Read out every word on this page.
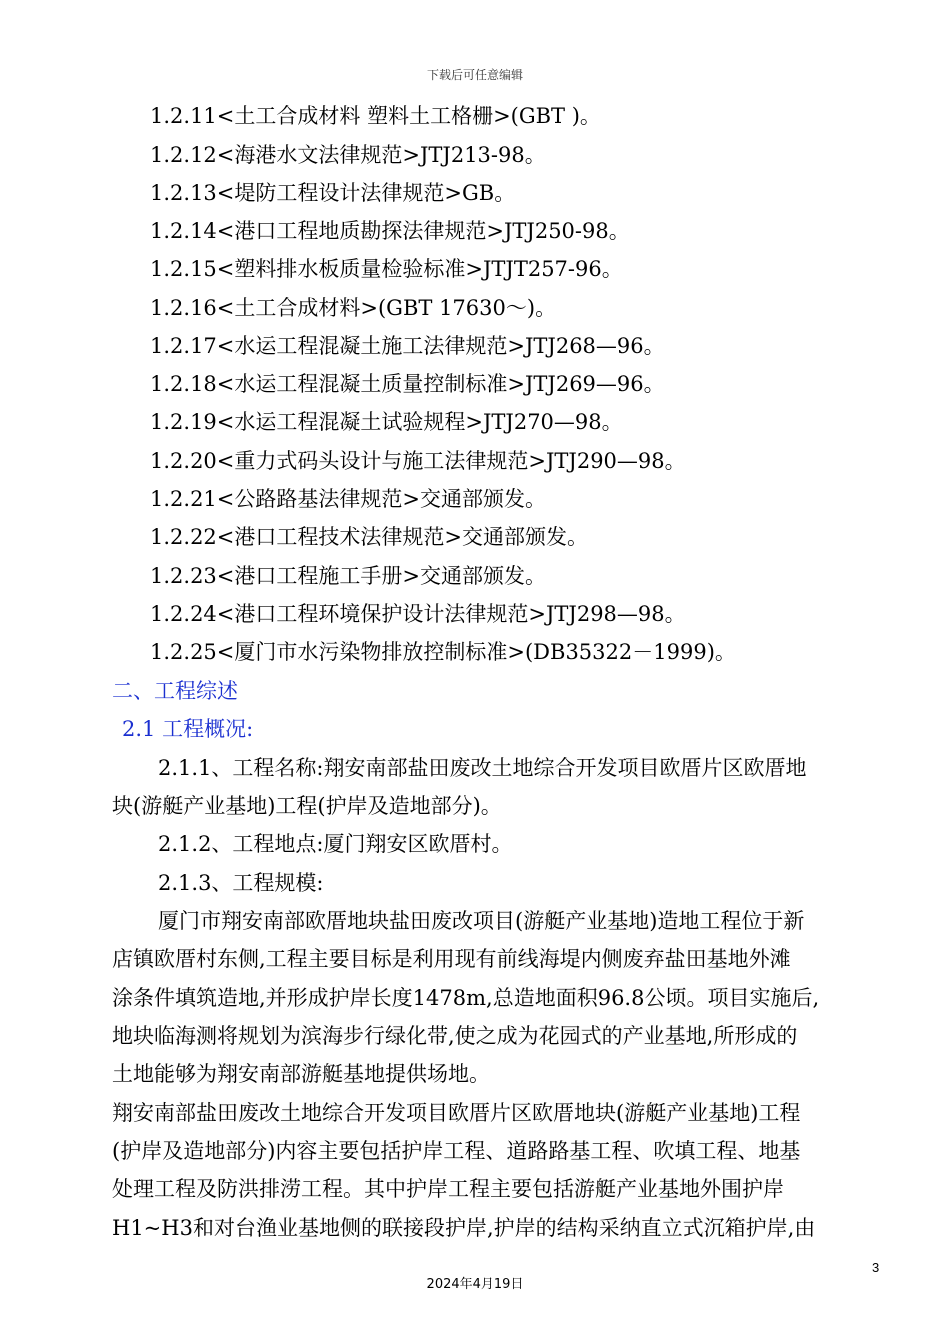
下载后可任意编辑
1.2.11<土工合成材料 塑料土工格栅>(GBT )。
1.2.12<海港水文法律规范>JTJ213-98。
1.2.13<堤防工程设计法律规范>GB。
1.2.14<港口工程地质勘探法律规范>JTJ250-98。
1.2.15<塑料排水板质量检验标准>JTJT257-96。
1.2.16<土工合成材料>(GBT 17630～)。
1.2.17<水运工程混凝土施工法律规范>JTJ268—96。
1.2.18<水运工程混凝土质量控制标准>JTJ269—96。
1.2.19<水运工程混凝土试验规程>JTJ270—98。
1.2.20<重力式码头设计与施工法律规范>JTJ290—98。
1.2.21<公路路基法律规范>交通部颁发。
1.2.22<港口工程技术法律规范>交通部颁发。
1.2.23<港口工程施工手册>交通部颁发。
1.2.24<港口工程环境保护设计法律规范>JTJ298—98。
1.2.25<厦门市水污染物排放控制标准>(DB35322－1999)。
二、工程综述
2.1 工程概况:
2.1.1、工程名称:翔安南部盐田废改土地综合开发项目欧厝片区欧厝地
块(游艇产业基地)工程(护岸及造地部分)。
2.1.2、工程地点:厦门翔安区欧厝村。
2.1.3、工程规模:
厦门市翔安南部欧厝地块盐田废改项目(游艇产业基地)造地工程位于新
店镇欧厝村东侧,工程主要目标是利用现有前线海堤内侧废弃盐田基地外滩
涂条件填筑造地,并形成护岸长度1478m,总造地面积96.8公顷。项目实施后,
地块临海测将规划为滨海步行绿化带,使之成为花园式的产业基地,所形成的
土地能够为翔安南部游艇基地提供场地。
翔安南部盐田废改土地综合开发项目欧厝片区欧厝地块(游艇产业基地)工程
(护岸及造地部分)内容主要包括护岸工程、道路路基工程、吹填工程、地基
处理工程及防洪排涝工程。其中护岸工程主要包括游艇产业基地外围护岸
H1~H3和对台渔业基地侧的联接段护岸,护岸的结构采纳直立式沉箱护岸,由
3
2024年4月19日
